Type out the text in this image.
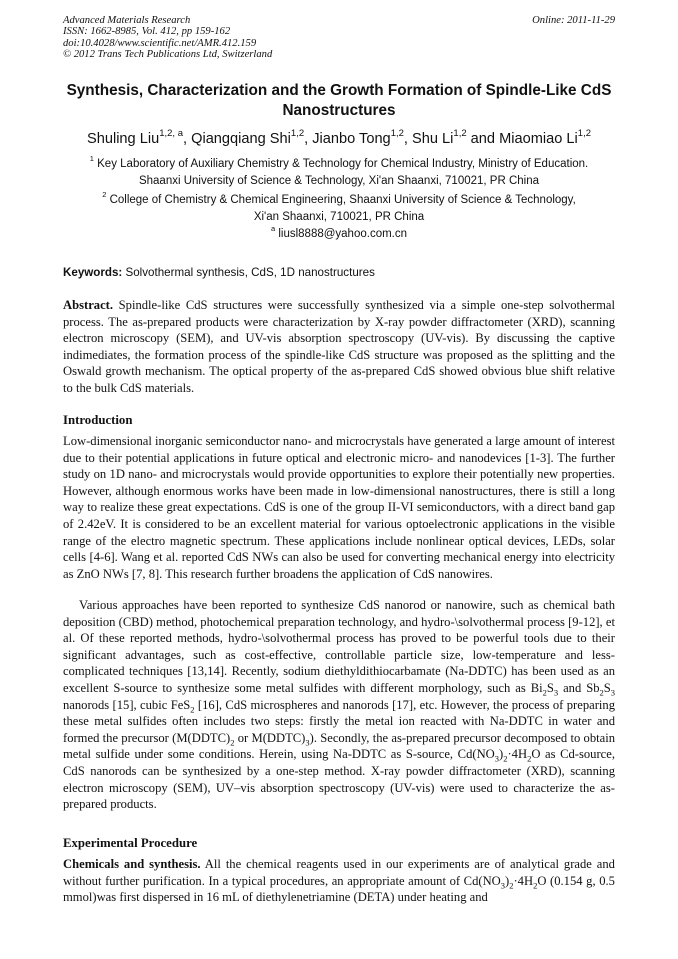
Advanced Materials Research
ISSN: 1662-8985, Vol. 412, pp 159-162
doi:10.4028/www.scientific.net/AMR.412.159
© 2012 Trans Tech Publications Ltd, Switzerland
Online: 2011-11-29
Synthesis, Characterization and the Growth Formation of Spindle-Like CdS Nanostructures
Shuling Liu$^{1,2, a}$, Qiangqiang Shi$^{1,2}$, Jianbo Tong$^{1,2}$, Shu Li$^{1,2}$ and Miaomiao Li$^{1,2}$
$^1$ Key Laboratory of Auxiliary Chemistry & Technology for Chemical Industry, Ministry of Education.
Shaanxi University of Science & Technology, Xi'an Shaanxi, 710021, PR China
$^2$ College of Chemistry & Chemical Engineering, Shaanxi University of Science & Technology,
Xi'an Shaanxi, 710021, PR China
$^a$ liusl8888@yahoo.com.cn
Keywords: Solvothermal synthesis, CdS, 1D nanostructures
Abstract. Spindle-like CdS structures were successfully synthesized via a simple one-step solvothermal process. The as-prepared products were characterization by X-ray powder diffractometer (XRD), scanning electron microscopy (SEM), and UV-vis absorption spectroscopy (UV-vis). By discussing the captive indimediates, the formation process of the spindle-like CdS structure was proposed as the splitting and the Oswald growth mechanism. The optical property of the as-prepared CdS showed obvious blue shift relative to the bulk CdS materials.
Introduction

Low-dimensional inorganic semiconductor nano- and microcrystals have generated a large amount of interest due to their potential applications in future optical and electronic micro- and nanodevices [1-3]. The further study on 1D nano- and microcrystals would provide opportunities to explore their potentially new properties. However, although enormous works have been made in low-dimensional nanostructures, there is still a long way to realize these great expectations. CdS is one of the group II-VI semiconductors, with a direct band gap of 2.42eV. It is considered to be an excellent material for various optoelectronic applications in the visible range of the electro magnetic spectrum. These applications include nonlinear optical devices, LEDs, solar cells [4-6]. Wang et al. reported CdS NWs can also be used for converting mechanical energy into electricity as ZnO NWs [7, 8]. This research further broadens the application of CdS nanowires.

Various approaches have been reported to synthesize CdS nanorod or nanowire, such as chemical bath deposition (CBD) method, photochemical preparation technology, and hydro-\solvothermal process [9-12], et al. Of these reported methods, hydro-\solvothermal process has proved to be powerful tools due to their significant advantages, such as cost-effective, controllable particle size, low-temperature and less-complicated techniques [13,14]. Recently, sodium diethyldithiocarbamate (Na-DDTC) has been used as an excellent S-source to synthesize some metal sulfides with different morphology, such as $Bi_2S_3$ and $Sb_2S_3$ nanorods [15], cubic FeS$_2$ [16], CdS microspheres and nanorods [17], etc. However, the process of preparing these metal sulfides often includes two steps: firstly the metal ion reacted with Na-DDTC in water and formed the precursor ($M(DDTC)_2$ or $M(DDTC)_3$). Secondly, the as-prepared precursor decomposed to obtain metal sulfide under some conditions. Herein, using Na-DDTC as S-source, $Cd(NO_3)_2\cdot 4H_2O$ as Cd-source, CdS nanorods can be synthesized by a one-step method. X-ray powder diffractometer (XRD), scanning electron microscopy (SEM), UV–vis absorption spectroscopy (UV-vis) were used to characterize the as-prepared products.

Experimental Procedure

Chemicals and synthesis. All the chemical reagents used in our experiments are of analytical grade and without further purification. In a typical procedures, an appropriate amount of $Cd(NO_3)_2\cdot 4H_2O$ (0.154 g, 0.5 mmol)was first dispersed in 16 mL of diethylenetriamine (DETA) under heating and
